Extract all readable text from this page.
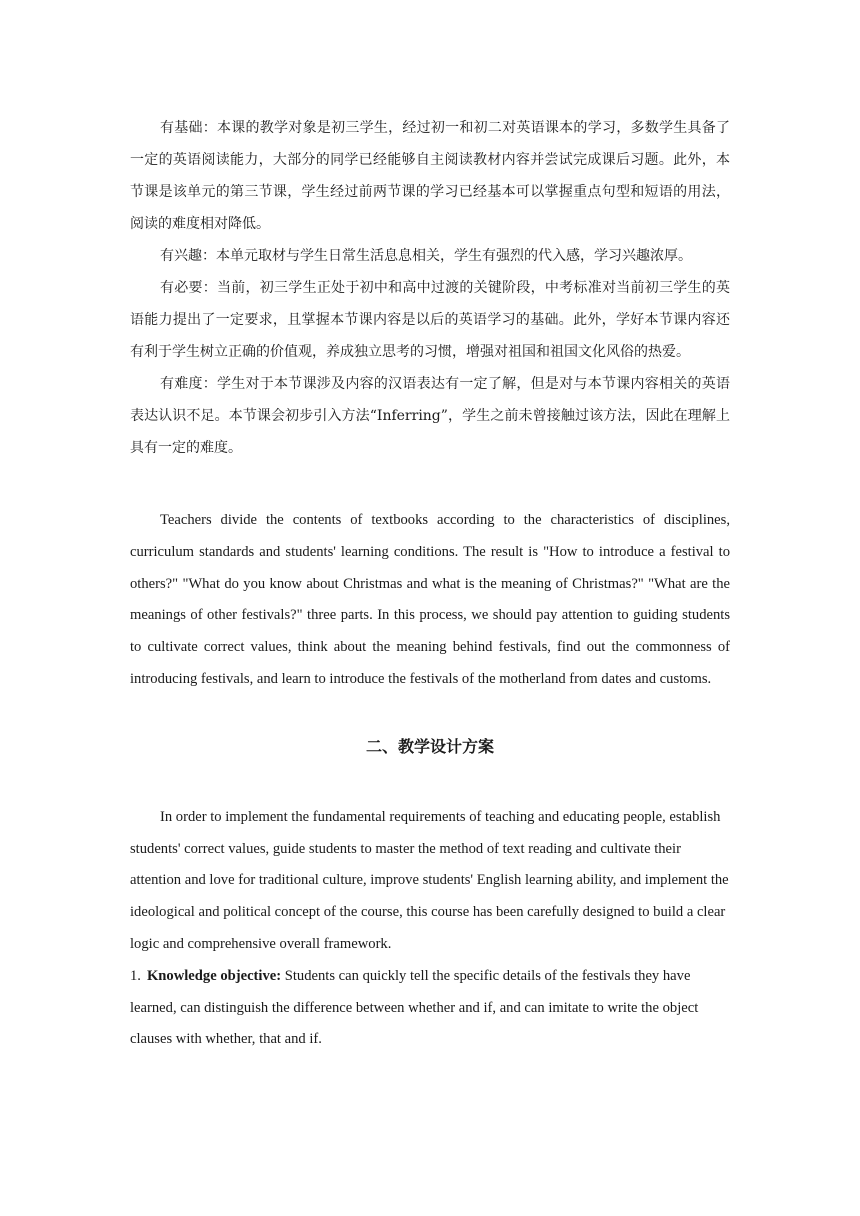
有基础：本课的教学对象是初三学生，经过初一和初二对英语课本的学习，多数学生具备了一定的英语阅读能力，大部分的同学已经能够自主阅读教材内容并尝试完成课后习题。此外，本节课是该单元的第三节课，学生经过前两节课的学习已经基本可以掌握重点句型和短语的用法，阅读的难度相对降低。

有兴趣：本单元取材与学生日常生活息息相关，学生有强烈的代入感，学习兴趣浓厚。

有必要：当前，初三学生正处于初中和高中过渡的关键阶段，中考标准对当前初三学生的英语能力提出了一定要求，且掌握本节课内容是以后的英语学习的基础。此外，学好本节课内容还有利于学生树立正确的价值观，养成独立思考的习惯，增强对祖国和祖国文化风俗的热爱。

有难度：学生对于本节课涉及内容的汉语表达有一定了解，但是对与本节课内容相关的英语表达认识不足。本节课会初步引入方法“Inferring”，学生之前未曾接触过该方法，因此在理解上具有一定的难度。

Teachers divide the contents of textbooks according to the characteristics of disciplines, curriculum standards and students' learning conditions. The result is "How to introduce a festival to others?" "What do you know about Christmas and what is the meaning of Christmas?" "What are the meanings of other festivals?" three parts. In this process, we should pay attention to guiding students to cultivate correct values, think about the meaning behind festivals, find out the commonness of introducing festivals, and learn to introduce the festivals of the motherland from dates and customs.

二、教学设计方案

In order to implement the fundamental requirements of teaching and educating people, establish students' correct values, guide students to master the method of text reading and cultivate their attention and love for traditional culture, improve students' English learning ability, and implement the ideological and political concept of the course, this course has been carefully designed to build a clear logic and comprehensive overall framework.

1. Knowledge objective: Students can quickly tell the specific details of the festivals they have learned, can distinguish the difference between whether and if, and can imitate to write the object clauses with whether, that and if.
